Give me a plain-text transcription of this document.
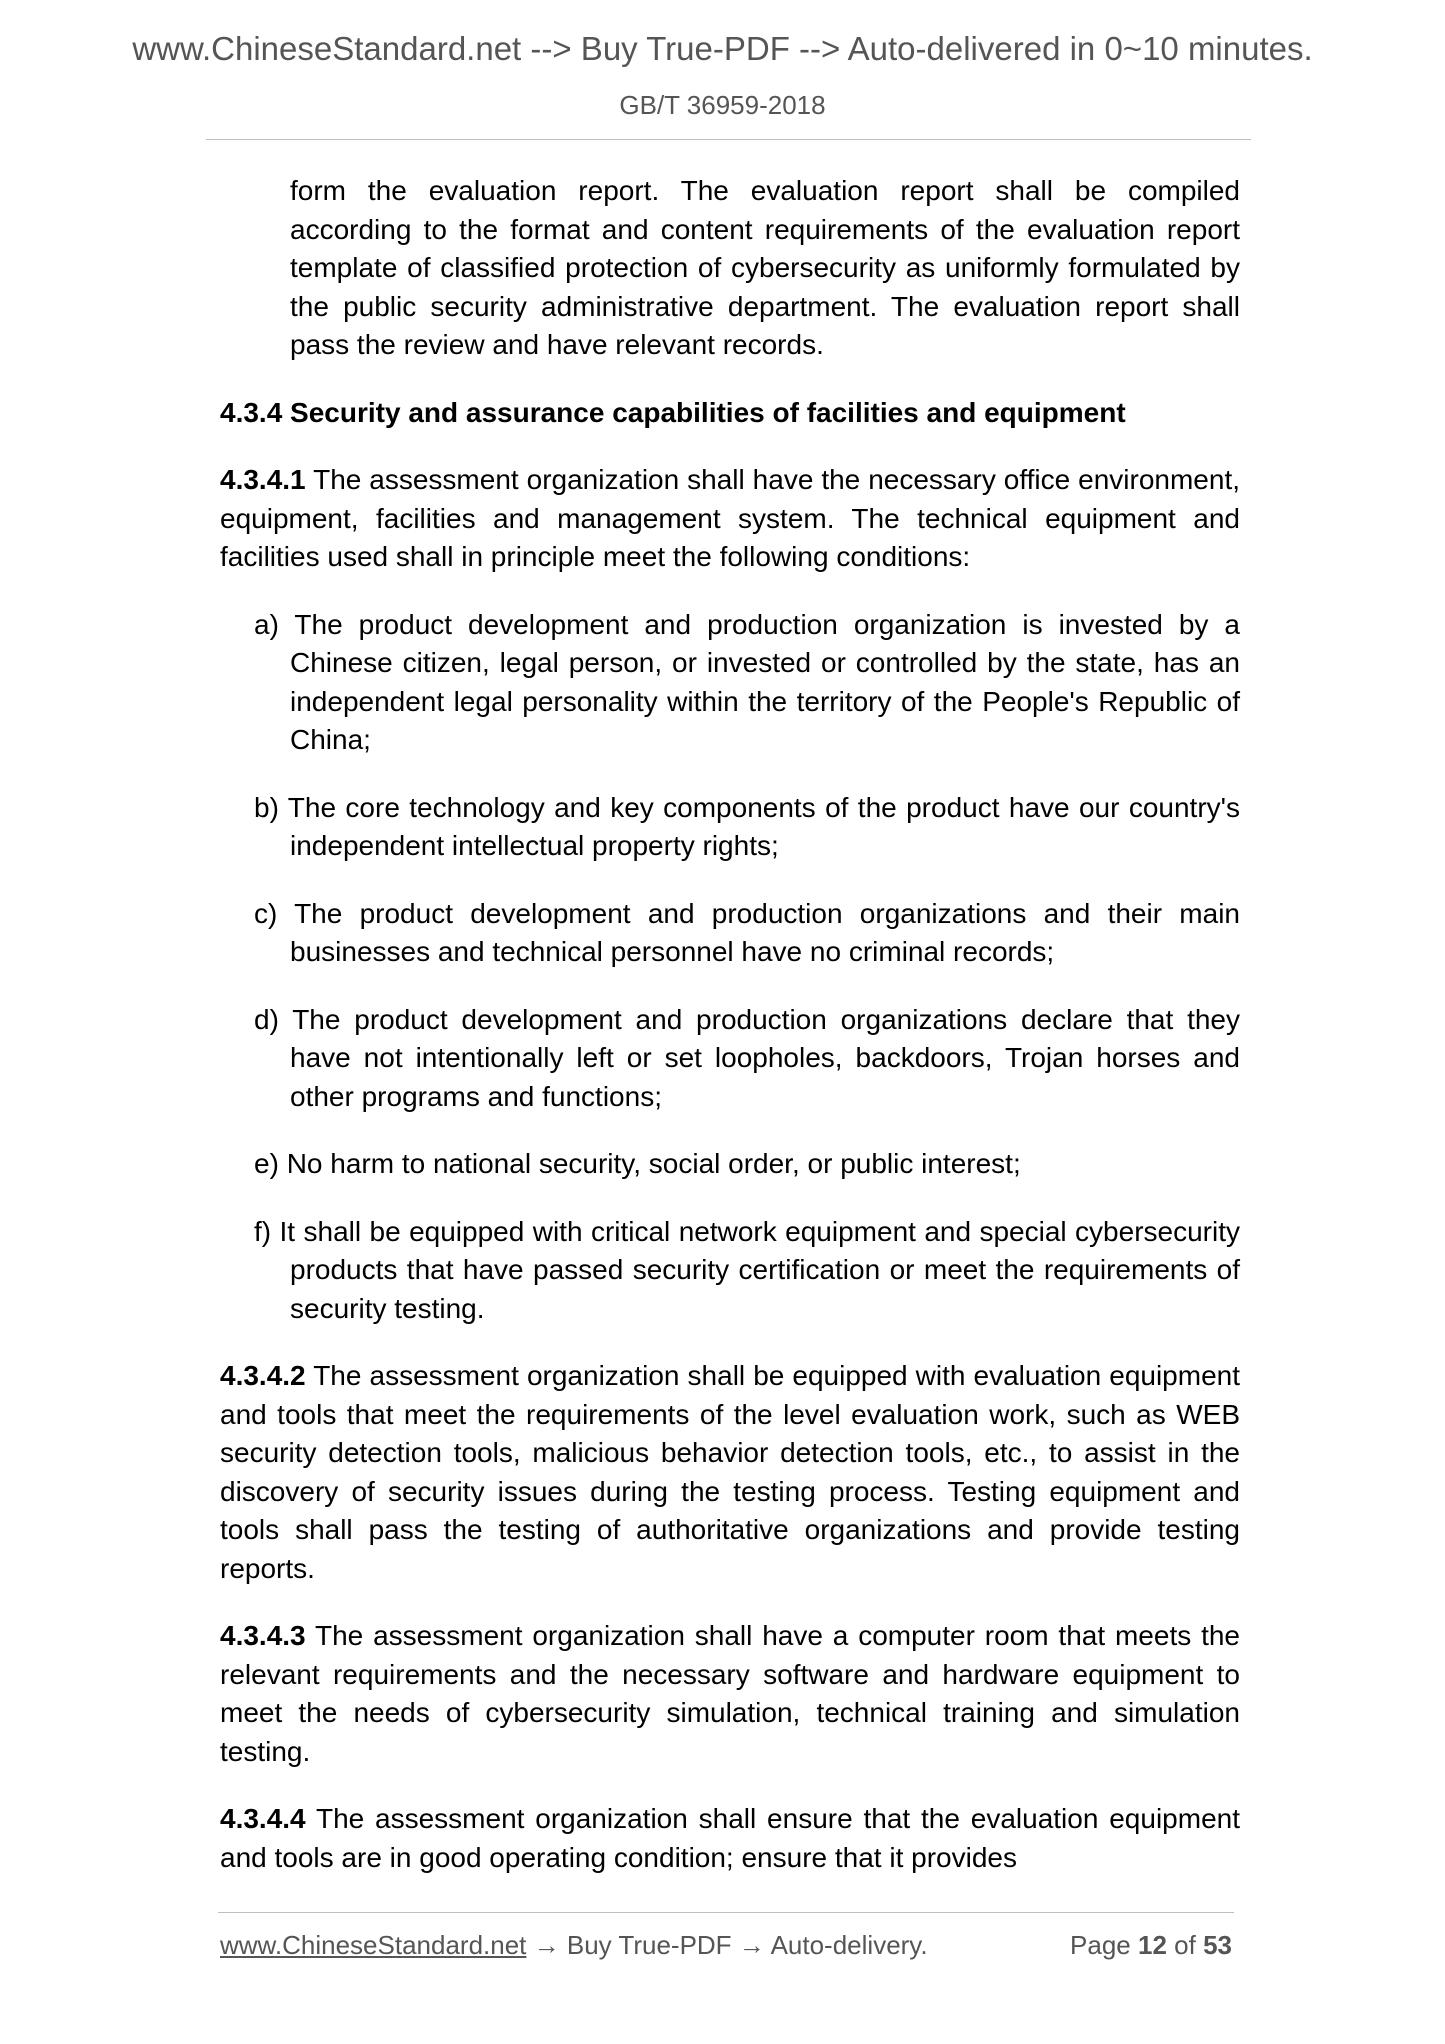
www.ChineseStandard.net --> Buy True-PDF --> Auto-delivered in 0~10 minutes.
GB/T 36959-2018
form the evaluation report. The evaluation report shall be compiled according to the format and content requirements of the evaluation report template of classified protection of cybersecurity as uniformly formulated by the public security administrative department. The evaluation report shall pass the review and have relevant records.
4.3.4 Security and assurance capabilities of facilities and equipment
4.3.4.1 The assessment organization shall have the necessary office environment, equipment, facilities and management system. The technical equipment and facilities used shall in principle meet the following conditions:
a) The product development and production organization is invested by a Chinese citizen, legal person, or invested or controlled by the state, has an independent legal personality within the territory of the People's Republic of China;
b) The core technology and key components of the product have our country's independent intellectual property rights;
c) The product development and production organizations and their main businesses and technical personnel have no criminal records;
d) The product development and production organizations declare that they have not intentionally left or set loopholes, backdoors, Trojan horses and other programs and functions;
e) No harm to national security, social order, or public interest;
f) It shall be equipped with critical network equipment and special cybersecurity products that have passed security certification or meet the requirements of security testing.
4.3.4.2 The assessment organization shall be equipped with evaluation equipment and tools that meet the requirements of the level evaluation work, such as WEB security detection tools, malicious behavior detection tools, etc., to assist in the discovery of security issues during the testing process. Testing equipment and tools shall pass the testing of authoritative organizations and provide testing reports.
4.3.4.3 The assessment organization shall have a computer room that meets the relevant requirements and the necessary software and hardware equipment to meet the needs of cybersecurity simulation, technical training and simulation testing.
4.3.4.4 The assessment organization shall ensure that the evaluation equipment and tools are in good operating condition; ensure that it provides
www.ChineseStandard.net → Buy True-PDF → Auto-delivery.	Page 12 of 53
